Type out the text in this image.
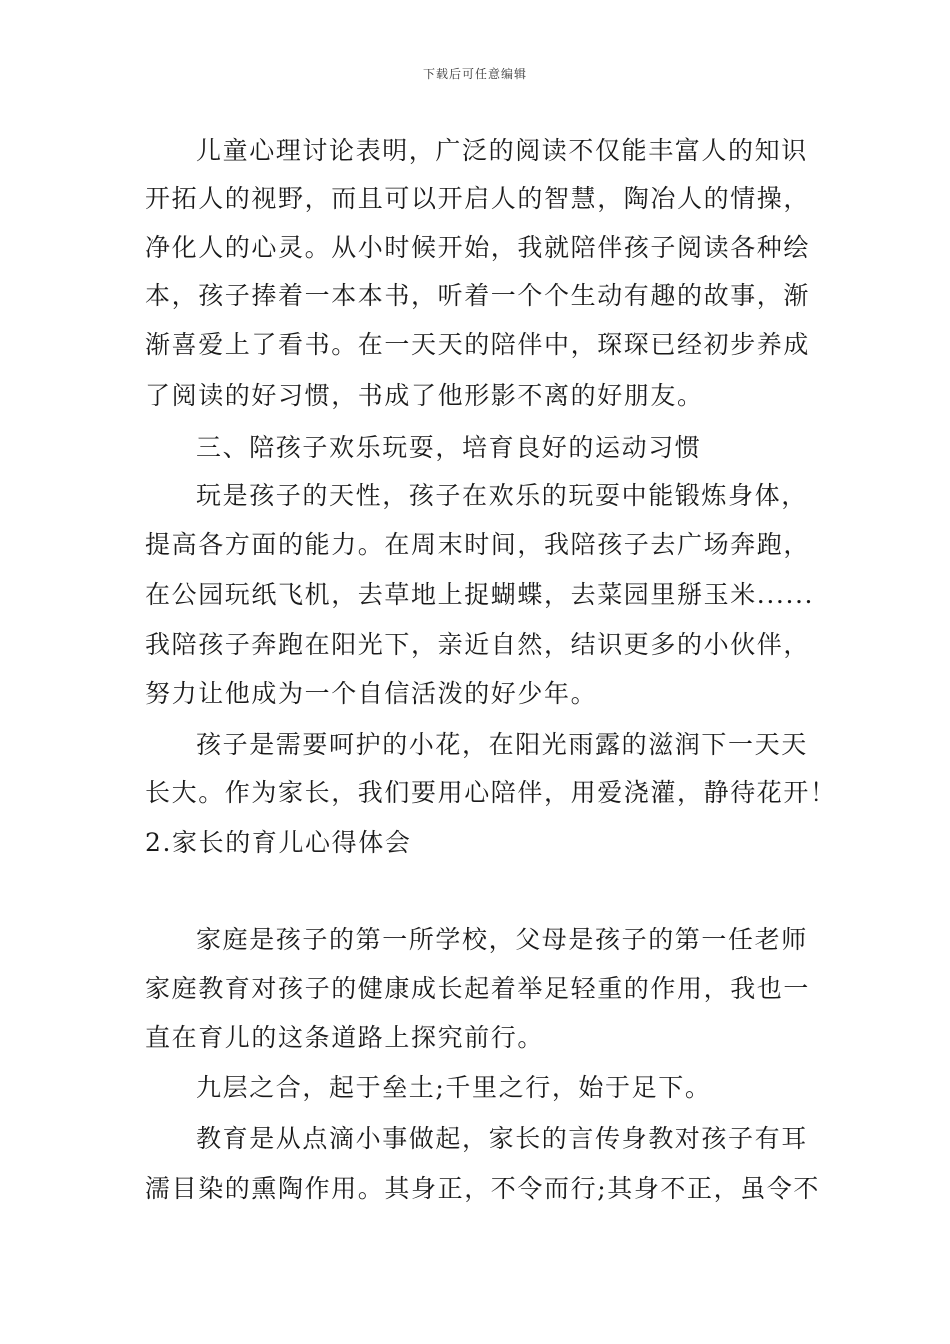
下载后可任意编辑
儿童心理讨论表明，广泛的阅读不仅能丰富人的知识
开拓人的视野，而且可以开启人的智慧，陶冶人的情操，
净化人的心灵。从小时候开始，我就陪伴孩子阅读各种绘
本，孩子捧着一本本书，听着一个个生动有趣的故事，渐
渐喜爱上了看书。在一天天的陪伴中，琛琛已经初步养成
了阅读的好习惯，书成了他形影不离的好朋友。
三、陪孩子欢乐玩耍，培育良好的运动习惯
玩是孩子的天性，孩子在欢乐的玩耍中能锻炼身体，
提高各方面的能力。在周末时间，我陪孩子去广场奔跑，
在公园玩纸飞机，去草地上捉蝴蝶，去菜园里掰玉米......
我陪孩子奔跑在阳光下，亲近自然，结识更多的小伙伴，
努力让他成为一个自信活泼的好少年。
孩子是需要呵护的小花，在阳光雨露的滋润下一天天
长大。作为家长，我们要用心陪伴，用爱浇灌，静待花开！
2.家长的育儿心得体会
家庭是孩子的第一所学校，父母是孩子的第一任老师
家庭教育对孩子的健康成长起着举足轻重的作用，我也一
直在育儿的这条道路上探究前行。
九层之合，起于垒土;千里之行，始于足下。
教育是从点滴小事做起，家长的言传身教对孩子有耳
濡目染的熏陶作用。其身正，不令而行;其身不正，虽令不
